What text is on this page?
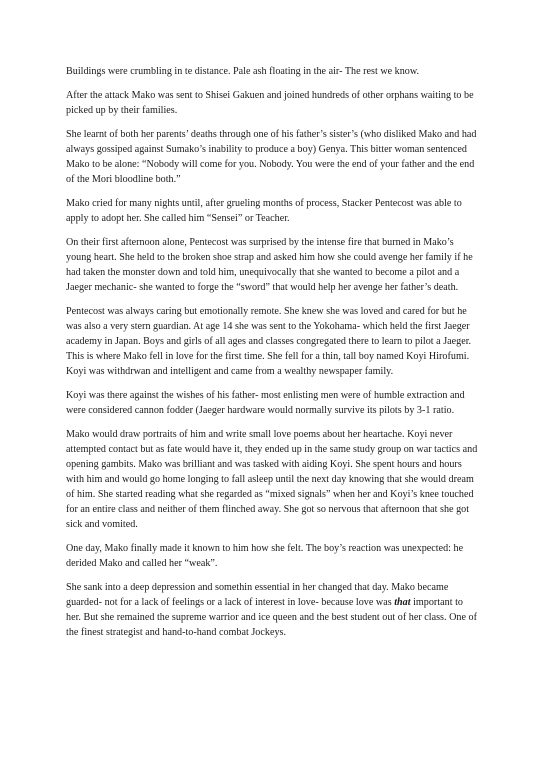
Buildings were crumbling in te distance. Pale ash floating in the air- The rest we know.

After the attack Mako was sent to Shisei Gakuen and joined hundreds of other orphans waiting to be picked up by their families.

She learnt of both her parents’ deaths through one of his father’s sister’s (who disliked Mako and had always gossiped against Sumako’s inability to produce a boy) Genya. This bitter woman sentenced Mako to be alone: “Nobody will come for you. Nobody. You were the end of your father and the end of the Mori bloodline both.”

Mako cried for many nights until, after grueling months of process, Stacker Pentecost was able to apply to adopt her. She called him “Sensei” or Teacher.

On their first afternoon alone, Pentecost was surprised by the intense fire that burned in Mako’s young heart. She held to the broken shoe strap and asked him how she could avenge her family if he had taken the monster down and told him, unequivocally that she wanted to become a pilot and a Jaeger mechanic- she wanted to forge the “sword” that would help her avenge her father’s death.

Pentecost was always caring but emotionally remote. She knew she was loved and cared for but he was also a very stern guardian. At age 14 she was sent to the Yokohama- which held the first Jaeger academy in Japan. Boys and girls of all ages and classes congregated there to learn to pilot a Jaeger. This is where Mako fell in love for the first time. She fell for a thin, tall boy named Koyi Hirofumi. Koyi was withdrwan and intelligent and came from a wealthy newspaper family.

Koyi was there against the wishes of his father- most enlisting men were of humble extraction and were considered cannon fodder (Jaeger hardware would normally survive its pilots by 3-1 ratio.

Mako would draw portraits of him and write small love poems about her heartache. Koyi never attempted contact but as fate would have it, they ended up in the same study group on war tactics and opening gambits. Mako was brilliant and was tasked with aiding Koyi. She spent hours and hours with him and would go home longing to fall asleep until the next day knowing that she would dream of him. She started reading what she regarded as “mixed signals” when her and Koyi’s knee touched for an entire class and neither of them flinched away. She got so nervous that afternoon that she got sick and vomited.

One day, Mako finally made it known to him how she felt. The boy’s reaction was unexpected: he derided Mako and called her “weak”.

She sank into a deep depression and somethin essential in her changed that day. Mako became guarded- not for a lack of feelings or a lack of interest in love- because love was that important to her. But she remained the supreme warrior and ice queen and the best student out of her class. One of the finest strategist and hand-to-hand combat Jockeys.
